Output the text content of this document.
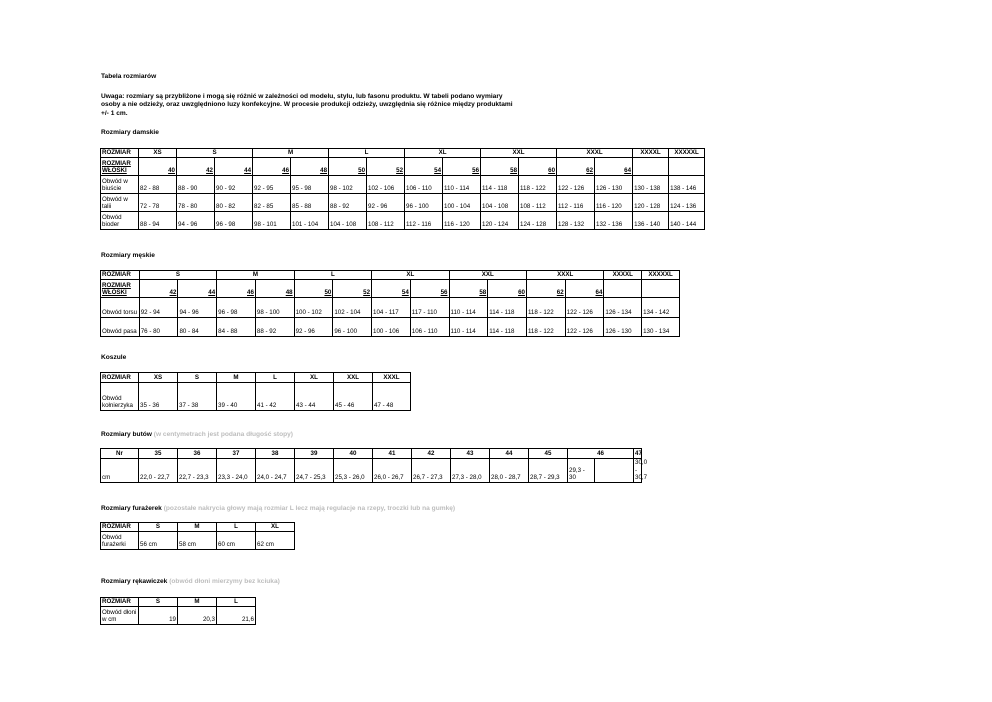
Tabela rozmiarów
Uwaga: rozmiary są przybliżone i mogą się różnić w zależności od modelu, stylu, lub fasonu produktu. W tabeli podano wymiary osoby a nie odzieży, oraz uwzględniono luzy konfekcyjne. W procesie produkcji odzieży, uwzględnia się różnice między produktami +/- 1 cm.
Rozmiary damskie
ROZMIAR	XS	S		M		L		XL		XXL		XXXL		XXXXL	XXXXXL
ROZMIAR WŁOSKI	40	42	44	46	48	50	52	54	56	58	60	62	64		
Obwód w biuście	82 - 88	88 - 90	90 - 92	92 - 95	95 - 98	98 - 102	102 - 106	106 - 110	110 - 114	114 - 118	118 - 122	122 - 126	126 - 130	130 - 138	138 - 146
Obwód w talii	72 - 78	78 - 80	80 - 82	82 - 85	85 - 88	88 - 92	92 - 96	96 - 100	100 - 104	104 - 108	108 - 112	112 - 116	116 - 120	120 - 128	124 - 136
Obwód bioder	88 - 94	94 - 96	96 - 98	98 - 101	101 - 104	104 - 108	108 - 112	112 - 116	116 - 120	120 - 124	124 - 128	128 - 132	132 - 136	136 - 140	140 - 144
Rozmiary męskie
ROZMIAR	S		M		L		XL		XXL		XXXL		XXXXL	XXXXXL
ROZMIAR WŁOSKI	42	44	46	48	50	52	54	56	58	60	62	64		
Obwód torsu	92 - 94	94 - 96	96 - 98	98 - 100	100 - 102	102 - 104	104 - 117	117 - 110	110 - 114	114 - 118	118 - 122	122 - 126	126 - 134	134 - 142
Obwód pasa	76 - 80	80 - 84	84 - 88	88 - 92	92 - 96	96 - 100	100 - 106	106 - 110	110 - 114	114 - 118	118 - 122	122 - 126	126 - 130	130 - 134
Koszule
ROZMIAR	XS	S	M	L	XL	XXL	XXXL
Obwód kołnierzyka	35 - 36	37 - 38	39 - 40	41 - 42	43 - 44	45 - 46	47 - 48
Rozmiary butów (w centymetrach jest podana długość stopy)
Nr	35	36	37	38	39	40	41	42	43	44	45	46		47
cm	22,0 - 22,7	22,7 - 23,3	23,3 - 24,0	24,0 - 24,7	24,7 - 25,3	25,3 - 26,0	26,0 - 26,7	26,7 - 27,3	27,3 - 28,0	28,0 - 28,7	28,7 - 29,3	29,3 - 30		30,0 - 30,7
Rozmiary furażerek (pozostałe nakrycia głowy mają rozmiar L lecz mają regulacje na rzepy, troczki lub na gumkę)
ROZMIAR	S	M	L	XL
Obwód furażerki	56 cm	58 cm	60 cm	62 cm
Rozmiary rękawiczek (obwód dłoni mierzymy bez kciuka)
ROZMIAR	S	M	L
Obwód dłoni w cm	19	20,3	21,6
